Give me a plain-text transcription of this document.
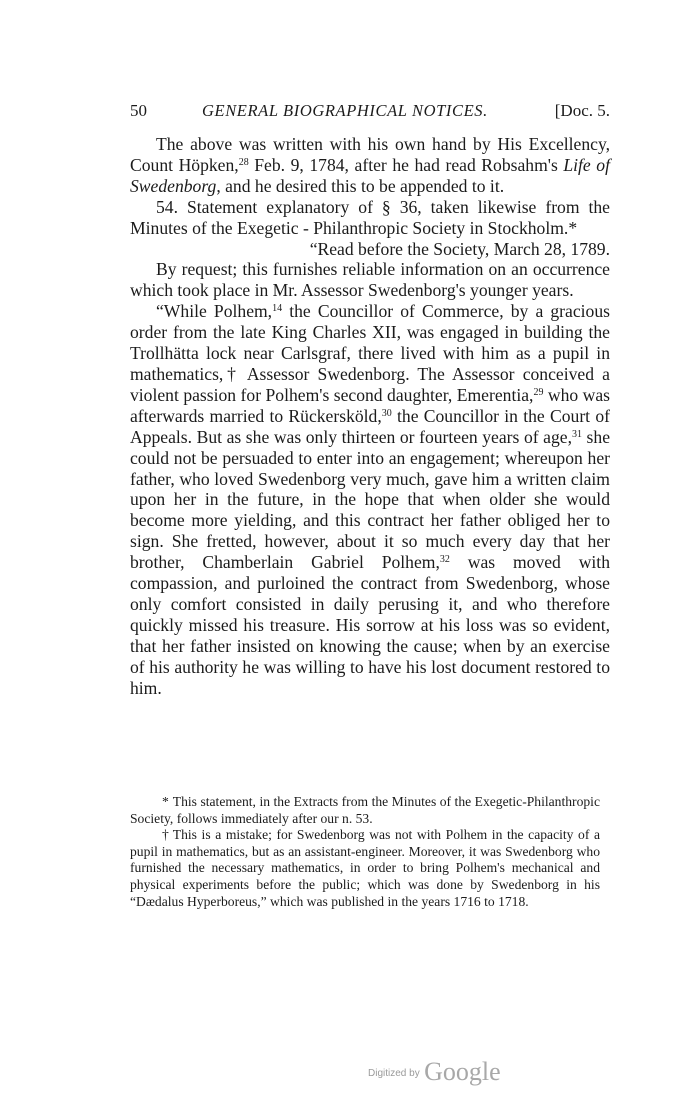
50	GENERAL BIOGRAPHICAL NOTICES.	[Doc. 5.

The above was written with his own hand by His Excellency, Count Höpken,$^{28}$ Feb. 9, 1784, after he had read Robsahm's Life of Swedenborg, and he desired this to be appended to it.

54. Statement explanatory of § 36, taken likewise from the Minutes of the Exegetic - Philanthropic Society in Stockholm.*

“Read before the Society, March 28, 1789.

By request; this furnishes reliable information on an occurrence which took place in Mr. Assessor Swedenborg's younger years.

“While Polhem,$^{14}$ the Councillor of Commerce, by a gracious order from the late King Charles XII, was engaged in building the Trollhätta lock near Carlsgraf, there lived with him as a pupil in mathematics,† Assessor Swedenborg. The Assessor conceived a violent passion for Polhem's second daughter, Emerentia,$^{29}$ who was afterwards married to Rückersköld,$^{30}$ the Councillor in the Court of Appeals. But as she was only thirteen or fourteen years of age,$^{31}$ she could not be persuaded to enter into an engagement; whereupon her father, who loved Swedenborg very much, gave him a written claim upon her in the future, in the hope that when older she would become more yielding, and this contract her father obliged her to sign. She fretted, however, about it so much every day that her brother, Chamberlain Gabriel Polhem,$^{32}$ was moved with compassion, and purloined the contract from Swedenborg, whose only comfort consisted in daily perusing it, and who therefore quickly missed his treasure. His sorrow at his loss was so evident, that her father insisted on knowing the cause; when by an exercise of his authority he was willing to have his lost document restored to him.

* This statement, in the Extracts from the Minutes of the Exegetic-Philanthropic Society, follows immediately after our n. 53.

† This is a mistake; for Swedenborg was not with Polhem in the capacity of a pupil in mathematics, but as an assistant-engineer. Moreover, it was Swedenborg who furnished the necessary mathematics, in order to bring Polhem's mechanical and physical experiments before the public; which was done by Swedenborg in his “Dædalus Hyperboreus,” which was published in the years 1716 to 1718.

$^{Digitized by}$ Google
